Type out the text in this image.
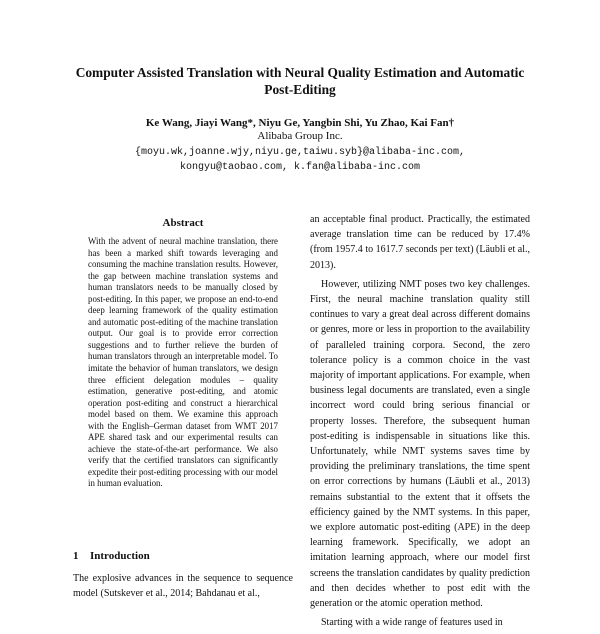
Computer Assisted Translation with Neural Quality Estimation and Automatic Post-Editing
Ke Wang, Jiayi Wang*, Niyu Ge, Yangbin Shi, Yu Zhao, Kai Fan†
Alibaba Group Inc.
{moyu.wk,joanne.wjy,niyu.ge,taiwu.syb}@alibaba-inc.com,
kongyu@taobao.com, k.fan@alibaba-inc.com
Abstract

With the advent of neural machine translation, there has been a marked shift towards leveraging and consuming the machine translation results. However, the gap between machine translation systems and human translators needs to be manually closed by post-editing. In this paper, we propose an end-to-end deep learning framework of the quality estimation and automatic post-editing of the machine translation output. Our goal is to provide error correction suggestions and to further relieve the burden of human translators through an interpretable model. To imitate the behavior of human translators, we design three efficient delegation modules – quality estimation, generative post-editing, and atomic operation post-editing and construct a hierarchical model based on them. We examine this approach with the English–German dataset from WMT 2017 APE shared task and our experimental results can achieve the state-of-the-art performance. We also verify that the certified translators can significantly expedite their post-editing processing with our model in human evaluation.

1 Introduction

The explosive advances in the sequence to sequence model (Sutskever et al., 2014; Bahdanau et al.,

an acceptable final product. Practically, the estimated average translation time can be reduced by 17.4% (from 1957.4 to 1617.7 seconds per text) (Läubli et al., 2013).

However, utilizing NMT poses two key challenges. First, the neural machine translation quality still continues to vary a great deal across different domains or genres, more or less in proportion to the availability of paralleled training corpora. Second, the zero tolerance policy is a common choice in the vast majority of important applications. For example, when business legal documents are translated, even a single incorrect word could bring serious financial or property losses. Therefore, the subsequent human post-editing is indispensable in situations like this. Unfortunately, while NMT systems saves time by providing the preliminary translations, the time spent on error corrections by humans (Läubli et al., 2013) remains substantial to the extent that it offsets the efficiency gained by the NMT systems. In this paper, we explore automatic post-editing (APE) in the deep learning framework. Specifically, we adopt an imitation learning approach, where our model first screens the translation candidates by quality prediction and then decides whether to post edit with the generation or the atomic operation method.

Starting with a wide range of features used in
